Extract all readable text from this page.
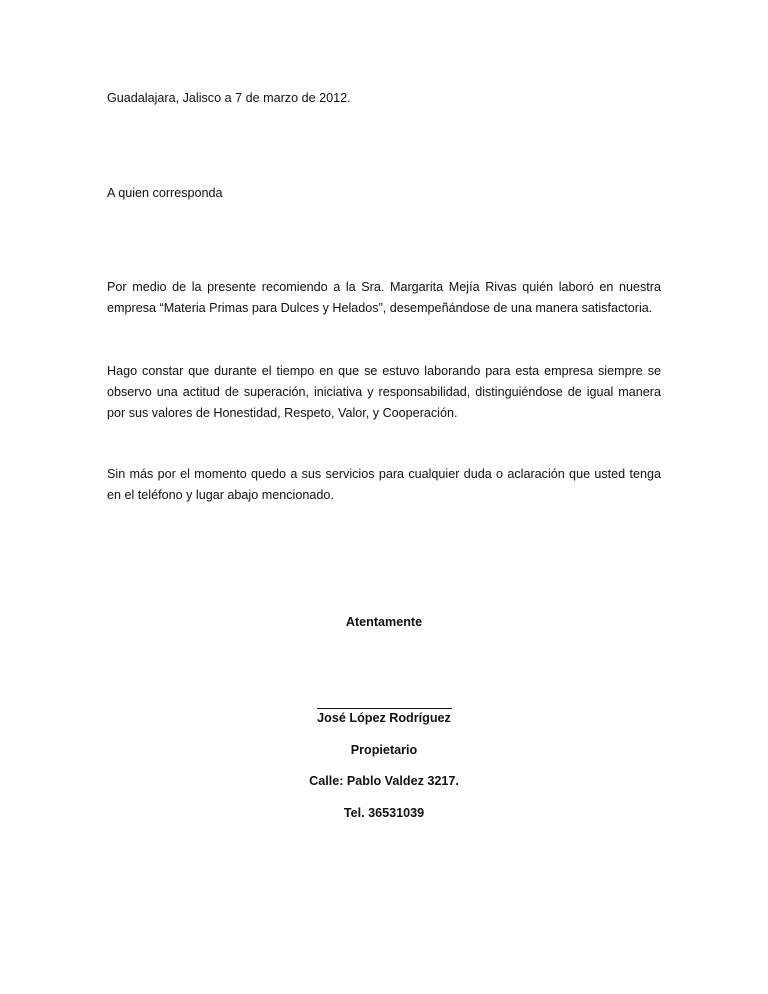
Guadalajara, Jalisco a 7 de marzo de 2012.

A quien corresponda

Por medio de la presente recomiendo a la Sra. Margarita Mejía Rivas quién laboró en nuestra empresa “Materia Primas para Dulces y Helados”, desempeñándose de una manera satisfactoria.

Hago constar que durante el tiempo en que se estuvo laborando para esta empresa siempre se observo una actitud de superación, iniciativa y responsabilidad, distinguiéndose de igual manera por sus valores de Honestidad, Respeto, Valor, y Cooperación.

Sin más por el momento quedo a sus servicios para cualquier duda o aclaración que usted tenga en el teléfono y lugar abajo mencionado.

Atentamente

José López Rodríguez

Propietario

Calle: Pablo Valdez 3217.

Tel. 36531039
